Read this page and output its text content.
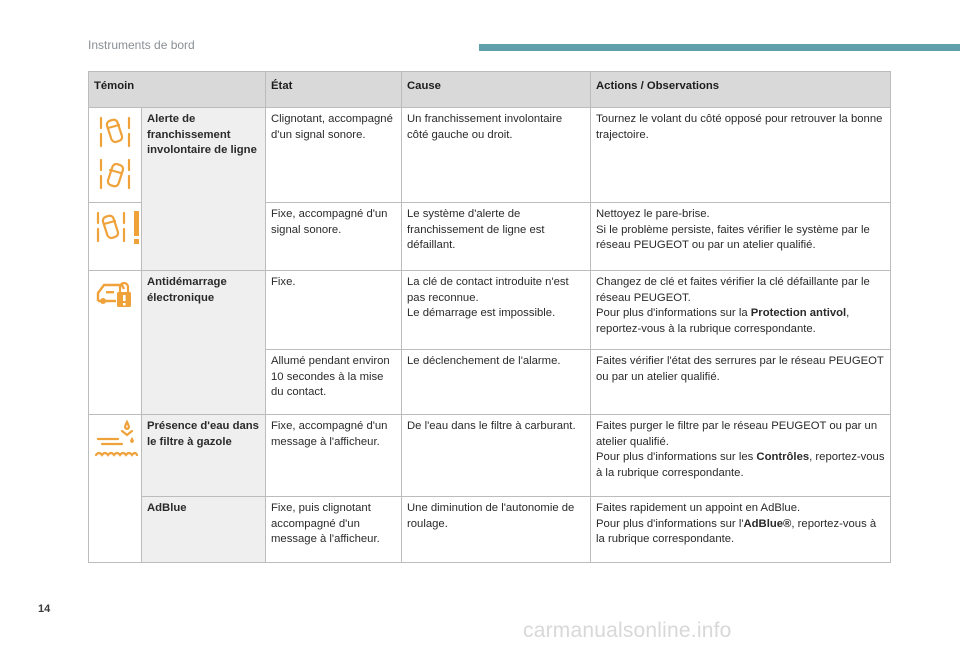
Instruments de bord
Témoin		État	Cause	Actions / Observations

	Alerte de franchissement involontaire de ligne	Clignotant, accompagné d'un signal sonore.	Un franchissement involontaire côté gauche ou droit.	Tournez le volant du côté opposé pour retrouver la bonne trajectoire.

	Fixe, accompagné d'un signal sonore.	Le système d'alerte de franchissement de ligne est défaillant.	Nettoyez le pare-brise.
Si le problème persiste, faites vérifier le système par le réseau PEUGEOT ou par un atelier qualifié.

	Antidémarrage électronique	Fixe.	La clé de contact introduite n'est pas reconnue.
Le démarrage est impossible.	Changez de clé et faites vérifier la clé défaillante par le réseau PEUGEOT.
Pour plus d'informations sur la Protection antivol, reportez-vous à la rubrique correspondante.
		Allumé pendant environ 10 secondes à la mise du contact.	Le déclenchement de l'alarme.	Faites vérifier l'état des serrures par le réseau PEUGEOT ou par un atelier qualifié.

	Présence d'eau dans le filtre à gazole	Fixe, accompagné d'un message à l'afficheur.	De l'eau dans le filtre à carburant.	Faites purger le filtre par le réseau PEUGEOT ou par un atelier qualifié.
Pour plus d'informations sur les Contrôles, reportez-vous à la rubrique correspondante.
	AdBlue	Fixe, puis clignotant accompagné d'un message à l'afficheur.	Une diminution de l'autonomie de roulage.	Faites rapidement un appoint en AdBlue.
Pour plus d'informations sur l'AdBlue®, reportez-vous à la rubrique correspondante.
14
carmanualsonline.info
